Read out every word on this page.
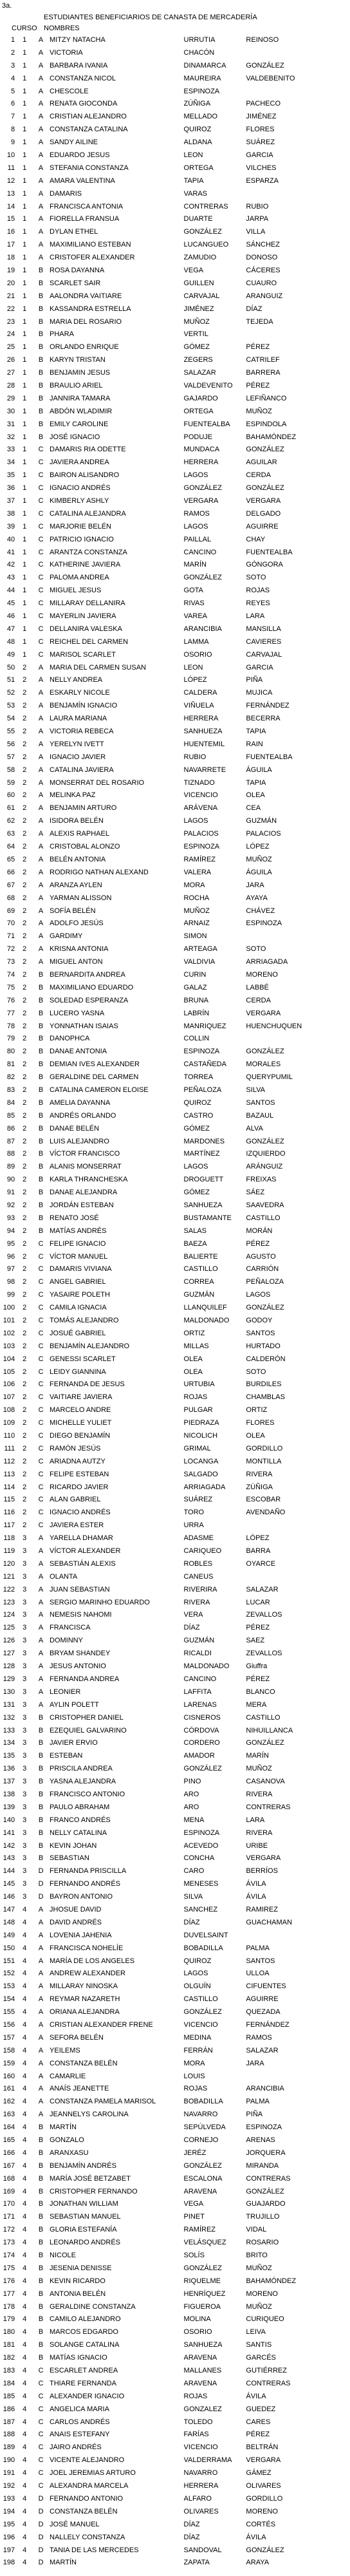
3a.
ESTUDIANTES BENEFICIARIOS DE CANASTA DE MERCADERÍA
CURSO NOMBRES
1	1	A	MITZY NATACHA	URRUTIA	REINOSO
2	1	A	VICTORIA	CHACÓN	
3	1	A	BARBARA IVANIA	DINAMARCA	GONZÁLEZ
4	1	A	CONSTANZA NICOL	MAUREIRA	VALDEBENITO
5	1	A	CHESCOLE	ESPINOZA	
6	1	A	RENATA GIOCONDA	ZÚÑIGA	PACHECO
7	1	A	CRISTIAN ALEJANDRO	MELLADO	JIMÉNEZ
8	1	A	CONSTANZA CATALINA	QUIROZ	FLORES
9	1	A	SANDY AILINE	ALDANA	SUÁREZ
10	1	A	EDUARDO JESUS	LEON	GARCIA
11	1	A	STEFANIA CONSTANZA	ORTEGA	VILCHES
12	1	A	AMARA VALENTINA	TAPIA	ESPARZA
13	1	A	DAMARIS	VARAS	
14	1	A	FRANCISCA ANTONIA	CONTRERAS	RUBIO
15	1	A	FIORELLA FRANSUA	DUARTE	JARPA
16	1	A	DYLAN ETHEL	GONZÁLEZ	VILLA
17	1	A	MAXIMILIANO ESTEBAN	LUCANGUEO	SÁNCHEZ
18	1	A	CRISTOFER ALEXANDER	ZAMUDIO	DONOSO
19	1	B	ROSA DAYANNA	VEGA	CÁCERES
20	1	B	SCARLET SAIR	GUILLEN	CUAURO
21	1	B	AALONDRA VAITIARE	CARVAJAL	ARANGUIZ
22	1	B	KASSANDRA ESTRELLA	JIMÉNEZ	DÍAZ
23	1	B	MARIA DEL ROSARIO	MUÑOZ	TEJEDA
24	1	B	PHARA	VERTIL	
25	1	B	ORLANDO ENRIQUE	GÓMEZ	PÉREZ
26	1	B	KARYN TRISTAN	ZEGERS	CATRILEF
27	1	B	BENJAMIN JESUS	SALAZAR	BARRERA
28	1	B	BRAULIO ARIEL	VALDEVENITO	PÉREZ
29	1	B	JANNIRA TAMARA	GAJARDO	LEFIÑANCO
30	1	B	ABDÓN WLADIMIR	ORTEGA	MUÑOZ
31	1	B	EMILY CAROLINE	FUENTEALBA	ESPINDOLA
32	1	B	JOSÉ IGNACIO	PODUJE	BAHAMÓNDEZ
33	1	C	DAMARIS RIA ODETTE	MUNDACA	GONZÁLEZ
34	1	C	JAVIERA ANDREA	HERRERA	AGUILAR
35	1	C	BAIRON ALISANDRO	LAGOS	CERDA
36	1	C	IGNACIO ANDRÉS	GONZÁLEZ	GONZÁLEZ
37	1	C	KIMBERLY ASHLY	VERGARA	VERGARA
38	1	C	CATALINA ALEJANDRA	RAMOS	DELGADO
39	1	C	MARJORIE BELÉN	LAGOS	AGUIRRE
40	1	C	PATRICIO IGNACIO	PAILLAL	CHAY
41	1	C	ARANTZA CONSTANZA	CANCINO	FUENTEALBA
42	1	C	KATHERINE JAVIERA	MARÍN	GÓNGORA
43	1	C	PALOMA ANDREA	GONZÁLEZ	SOTO
44	1	C	MIGUEL JESUS	GOTA	ROJAS
45	1	C	MILLARAY DELLANIRA	RIVAS	REYES
46	1	C	MAYERLIN JAVIERA	VAREA	LARA
47	1	C	DELLANIRA VALESKA	ARANCIBIA	MANSILLA
48	1	C	REICHEL DEL CARMEN	LAMMA	CAVIERES
49	1	C	MARISOL SCARLET	OSORIO	CARVAJAL
50	2	A	MARIA DEL CARMEN SUSAN	LEON	GARCIA
51	2	A	NELLY ANDREA	LÓPEZ	PIÑA
52	2	A	ESKARLY NICOLE	CALDERA	MUJICA
53	2	A	BENJAMÍN IGNACIO	VIÑUELA	FERNÁNDEZ
54	2	A	LAURA MARIANA	HERRERA	BECERRA
55	2	A	VICTORIA REBECA	SANHUEZA	TAPIA
56	2	A	YERELYN IVETT	HUENTEMIL	RAIN
57	2	A	IGNACIO JAVIER	RUBIO	FUENTEALBA
58	2	A	CATALINA JAVIERA	NAVARRETE	ÁGUILA
59	2	A	MONSERRAT DEL ROSARIO	TIZNADO	TAPIA
60	2	A	MELINKA PAZ	VICENCIO	OLEA
61	2	A	BENJAMIN ARTURO	ARÁVENA	CEA
62	2	A	ISIDORA BELÉN	LAGOS	GUZMÁN
63	2	A	ALEXIS RAPHAEL	PALACIOS	PALACIOS
64	2	A	CRISTOBAL ALONZO	ESPINOZA	LÓPEZ
65	2	A	BELÉN ANTONIA	RAMÍREZ	MUÑOZ
66	2	A	RODRIGO NATHAN ALEXAND	VALERA	ÁGUILA
67	2	A	ARANZA AYLEN	MORA	JARA
68	2	A	YARMAN ALISSON	ROCHA	AYAYA
69	2	A	SOFÍA BELÉN	MUÑOZ	CHÁVEZ
70	2	A	ADOLFO JESÚS	ARNAIZ	ESPINOZA
71	2	A	GARDIMY	SIMON	
72	2	A	KRISNA ANTONIA	ARTEAGA	SOTO
73	2	A	MIGUEL ANTON	VALDIVIA	ARRIAGADA
74	2	B	BERNARDITA ANDREA	CURIN	MORENO
75	2	B	MAXIMILIANO EDUARDO	GALAZ	LABBÉ
76	2	B	SOLEDAD ESPERANZA	BRUNA	CERDA
77	2	B	LUCERO YASNA	LABRÍN	VERGARA
78	2	B	YONNATHAN ISAIAS	MANRIQUEZ	HUENCHUQUEN
79	2	B	DANOPHCA	COLLIN	
80	2	B	DANAE ANTONIA	ESPINOZA	GONZÁLEZ
81	2	B	DEMIAN IVES ALEXANDER	CASTAÑEDA	MORALES
82	2	B	GERALDINE DEL CARMEN	TORREA	QUERYPUMIL
83	2	B	CATALINA CAMERON ELOISE	PEÑALOZA	SILVA
84	2	B	AMELIA DAYANNA	QUIROZ	SANTOS
85	2	B	ANDRÉS ORLANDO	CASTRO	BAZAUL
86	2	B	DANAE BELÉN	GÓMEZ	ALVA
87	2	B	LUIS ALEJANDRO	MARDONES	GONZÁLEZ
88	2	B	VÍCTOR FRANCISCO	MARTÍNEZ	IZQUIERDO
89	2	B	ALANIS MONSERRAT	LAGOS	ARÁNGUIZ
90	2	B	KARLA THRANCHESKA	DROGUETT	FREIXAS
91	2	B	DANAE ALEJANDRA	GÓMEZ	SÁEZ
92	2	B	JORDÁN ESTEBAN	SANHUEZA	SAAVEDRA
93	2	B	RENATO JOSÉ	BUSTAMANTE	CASTILLO
94	2	B	MATÍAS ANDRÉS	SALAS	MORÁN
95	2	C	FELIPE IGNACIO	BAEZA	PÉREZ
96	2	C	VÍCTOR MANUEL	BALIERTE	AGUSTO
97	2	C	DAMARIS VIVIANA	CASTILLO	CARRIÓN
98	2	C	ANGEL GABRIEL	CORREA	PEÑALOZA
99	2	C	YASAIRE POLETH	GUZMÁN	LAGOS
100	2	C	CAMILA IGNACIA	LLANQUILEF	GONZÁLEZ
101	2	C	TOMÁS ALEJANDRO	MALDONADO	GODOY
102	2	C	JOSUÉ GABRIEL	ORTIZ	SANTOS
103	2	C	BENJAMÍN ALEJANDRO	MILLAS	HURTADO
104	2	C	GENESSI SCARLET	OLEA	CALDERÓN
105	2	C	LEIDY GIANNINA	OLEA	SOTO
106	2	C	FERNANDA DE JESUS	URTUBIA	BURDILES
107	2	C	VAITIARE JAVIERA	ROJAS	CHAMBLAS
108	2	C	MARCELO ANDRE	PULGAR	ORTIZ
109	2	C	MICHELLE YULIET	PIEDRAZA	FLORES
110	2	C	DIEGO BENJAMÍN	NICOLICH	OLEA
111	2	C	RAMÓN JESÚS	GRIMAL	GORDILLO
112	2	C	ARIADNA AUTZY	LOCANGA	MONTILLA
113	2	C	FELIPE ESTEBAN	SALGADO	RIVERA
114	2	C	RICARDO JAVIER	ARRIAGADA	ZÚÑIGA
115	2	C	ALAN GABRIEL	SUÁREZ	ESCOBAR
116	2	C	IGNACIO ANDRÉS	TORO	AVENDAÑO
117	2	C	JAVIERA ESTER	URRA	
118	3	A	YARELLA DHAMAR	ADASME	LÓPEZ
119	3	A	VÍCTOR ALEXANDER	CARIQUEO	BARRA
120	3	A	SEBASTIÁN ALEXIS	ROBLES	OYARCE
121	3	A	OLANTA	CANEUS	
122	3	A	JUAN SEBASTIAN	RIVERIRA	SALAZAR
123	3	A	SERGIO MARINHO EDUARDO	RIVERA	LUCAR
124	3	A	NEMESIS NAHOMI	VERA	ZEVALLOS
125	3	A	FRANCISCA	DÍAZ	PÉREZ
126	3	A	DOMINNY	GUZMÁN	SAEZ
127	3	A	BRYAM SHANDEY	RICALDI	ZEVALLOS
128	3	A	JESUS ANTONIO	MALDONADO	Giuffra
129	3	A	FERNANDA ANDREA	CANCINO	PÉREZ
130	3	A	LEONIER	LAFFITA	BLANCO
131	3	A	AYLIN POLETT	LARENAS	MERA
132	3	B	CRISTOPHER DANIEL	CISNEROS	CASTILLO
133	3	B	EZEQUIEL GALVARINO	CÓRDOVA	NIHUILLANCA
134	3	B	JAVIER ERVIO	CORDERO	GONZÁLEZ
135	3	B	ESTEBAN	AMADOR	MARÍN
136	3	B	PRISCILA ANDREA	GONZÁLEZ	MUÑOZ
137	3	B	YASNA ALEJANDRA	PINO	CASANOVA
138	3	B	FRANCISCO ANTONIO	ARO	RIVERA
139	3	B	PAULO ABRAHAM	ARO	CONTRERAS
140	3	B	FRANCO ANDRÉS	MENA	LARA
141	3	B	NELLY CATALINA	ESPINOZA	RIVERA
142	3	B	KEVIN JOHAN	ACEVEDO	URIBE
143	3	B	SEBASTIAN	CONCHA	VERGARA
144	3	D	FERNANDA PRISCILLA	CARO	BERRÍOS
145	3	D	FERNANDO ANDRÉS	MENESES	ÁVILA
146	3	D	BAYRON ANTONIO	SILVA	ÁVILA
147	4	A	JHOSUE DAVID	SANCHEZ	RAMIREZ
148	4	A	DAVID ANDRÉS	DÍAZ	GUACHAMAN
149	4	A	LOVENIA JAHENIA	DUVELSAINT	
150	4	A	FRANCISCA NOHELÍE	BOBADILLA	PALMA
151	4	A	MARÍA DE LOS ANGELES	QUIROZ	SANTOS
152	4	A	ANDREW ALEXANDER	LAGOS	ULLOA
153	4	A	MILLARAY NINOSKA	OLGUÍN	CIFUENTES
154	4	A	REYMAR NAZARETH	CASTILLO	AGUIRRE
155	4	A	ORIANA ALEJANDRA	GONZÁLEZ	QUEZADA
156	4	A	CRISTIAN ALEXANDER FRENE	VICENCIO	FERNÁNDEZ
157	4	A	SEFORA BELÉN	MEDINA	RAMOS
158	4	A	YEILEMS	FERRÁN	SALAZAR
159	4	A	CONSTANZA BELÉN	MORA	JARA
160	4	A	CAMARLIE	LOUIS	
161	4	A	ANAÍS JEANETTE	ROJAS	ARANCIBIA
162	4	A	CONSTANZA PAMELA MARISOL	BOBADILLA	PALMA
163	4	A	JEANNELYS CAROLINA	NAVARRO	PIÑA
164	4	B	MARTÍN	SEPÚLVEDA	ESPINOZA
165	4	B	GONZALO	CORNEJO	ARENAS
166	4	B	ARANXASU	JERÉZ	JORQUERA
167	4	B	BENJAMÍN ANDRÉS	GONZÁLEZ	MIRANDA
168	4	B	MARÍA JOSÉ BETZABET	ESCALONA	CONTRERAS
169	4	B	CRISTOPHER FERNANDO	ARAVENA	GONZÁLEZ
170	4	B	JONATHAN WILLIAM	VEGA	GUAJARDO
171	4	B	SEBASTIAN MANUEL	PINET	TRUJILLO
172	4	B	GLORIA ESTEFANÍA	RAMÍREZ	VIDAL
173	4	B	LEONARDO ANDRÉS	VELÁSQUEZ	ROSARIO
174	4	B	NICOLE	SOLÍS	BRITO
175	4	B	JESENIA DENISSE	GONZÁLEZ	MUÑOZ
176	4	B	KEVIN RICARDO	RIQUELME	BAHAMÓNDEZ
177	4	B	ANTONIA BELÉN	HENRÍQUEZ	MORENO
178	4	B	GERALDINE CONSTANZA	FIGUEROA	MUÑOZ
179	4	B	CAMILO ALEJANDRO	MOLINA	CURIQUEO
180	4	B	MARCOS EDGARDO	OSORIO	LEIVA
181	4	B	SOLANGE CATALINA	SANHUEZA	SANTIS
182	4	B	MATÍAS IGNACIO	ARAVENA	GARCÉS
183	4	C	ESCARLET ANDREA	MALLANES	GUTIÉRREZ
184	4	C	THIARE FERNANDA	ARAVENA	CONTRERAS
185	4	C	ALEXANDER IGNACIO	ROJAS	ÁVILA
186	4	C	ANGELICA MARIA	GONZALEZ	GUEDEZ
187	4	C	CARLOS ANDRÉS	TOLEDO	CARES
188	4	C	ANAIS ESTEFANY	FARÍAS	PÉREZ
189	4	C	JAIRO ANDRÉS	VICENCIO	BELTRÁN
190	4	C	VICENTE ALEJANDRO	VALDERRAMA	VERGARA
191	4	C	JOEL JEREMIAS ARTURO	NAVARRO	GÁMEZ
192	4	C	ALEXANDRA MARCELA	HERRERA	OLIVARES
193	4	D	FERNANDO ANTONIO	ALFARO	GORDILLO
194	4	D	CONSTANZA BELÉN	OLIVARES	MORENO
195	4	D	JOSÉ MANUEL	DÍAZ	CORTÉS
196	4	D	NALLELY CONSTANZA	DÍAZ	ÁVILA
197	4	D	TANIA DE LAS MERCEDES	SANDOVAL	GONZÁLEZ
198	4	D	MARTÍN	ZAPATA	ARAYA
